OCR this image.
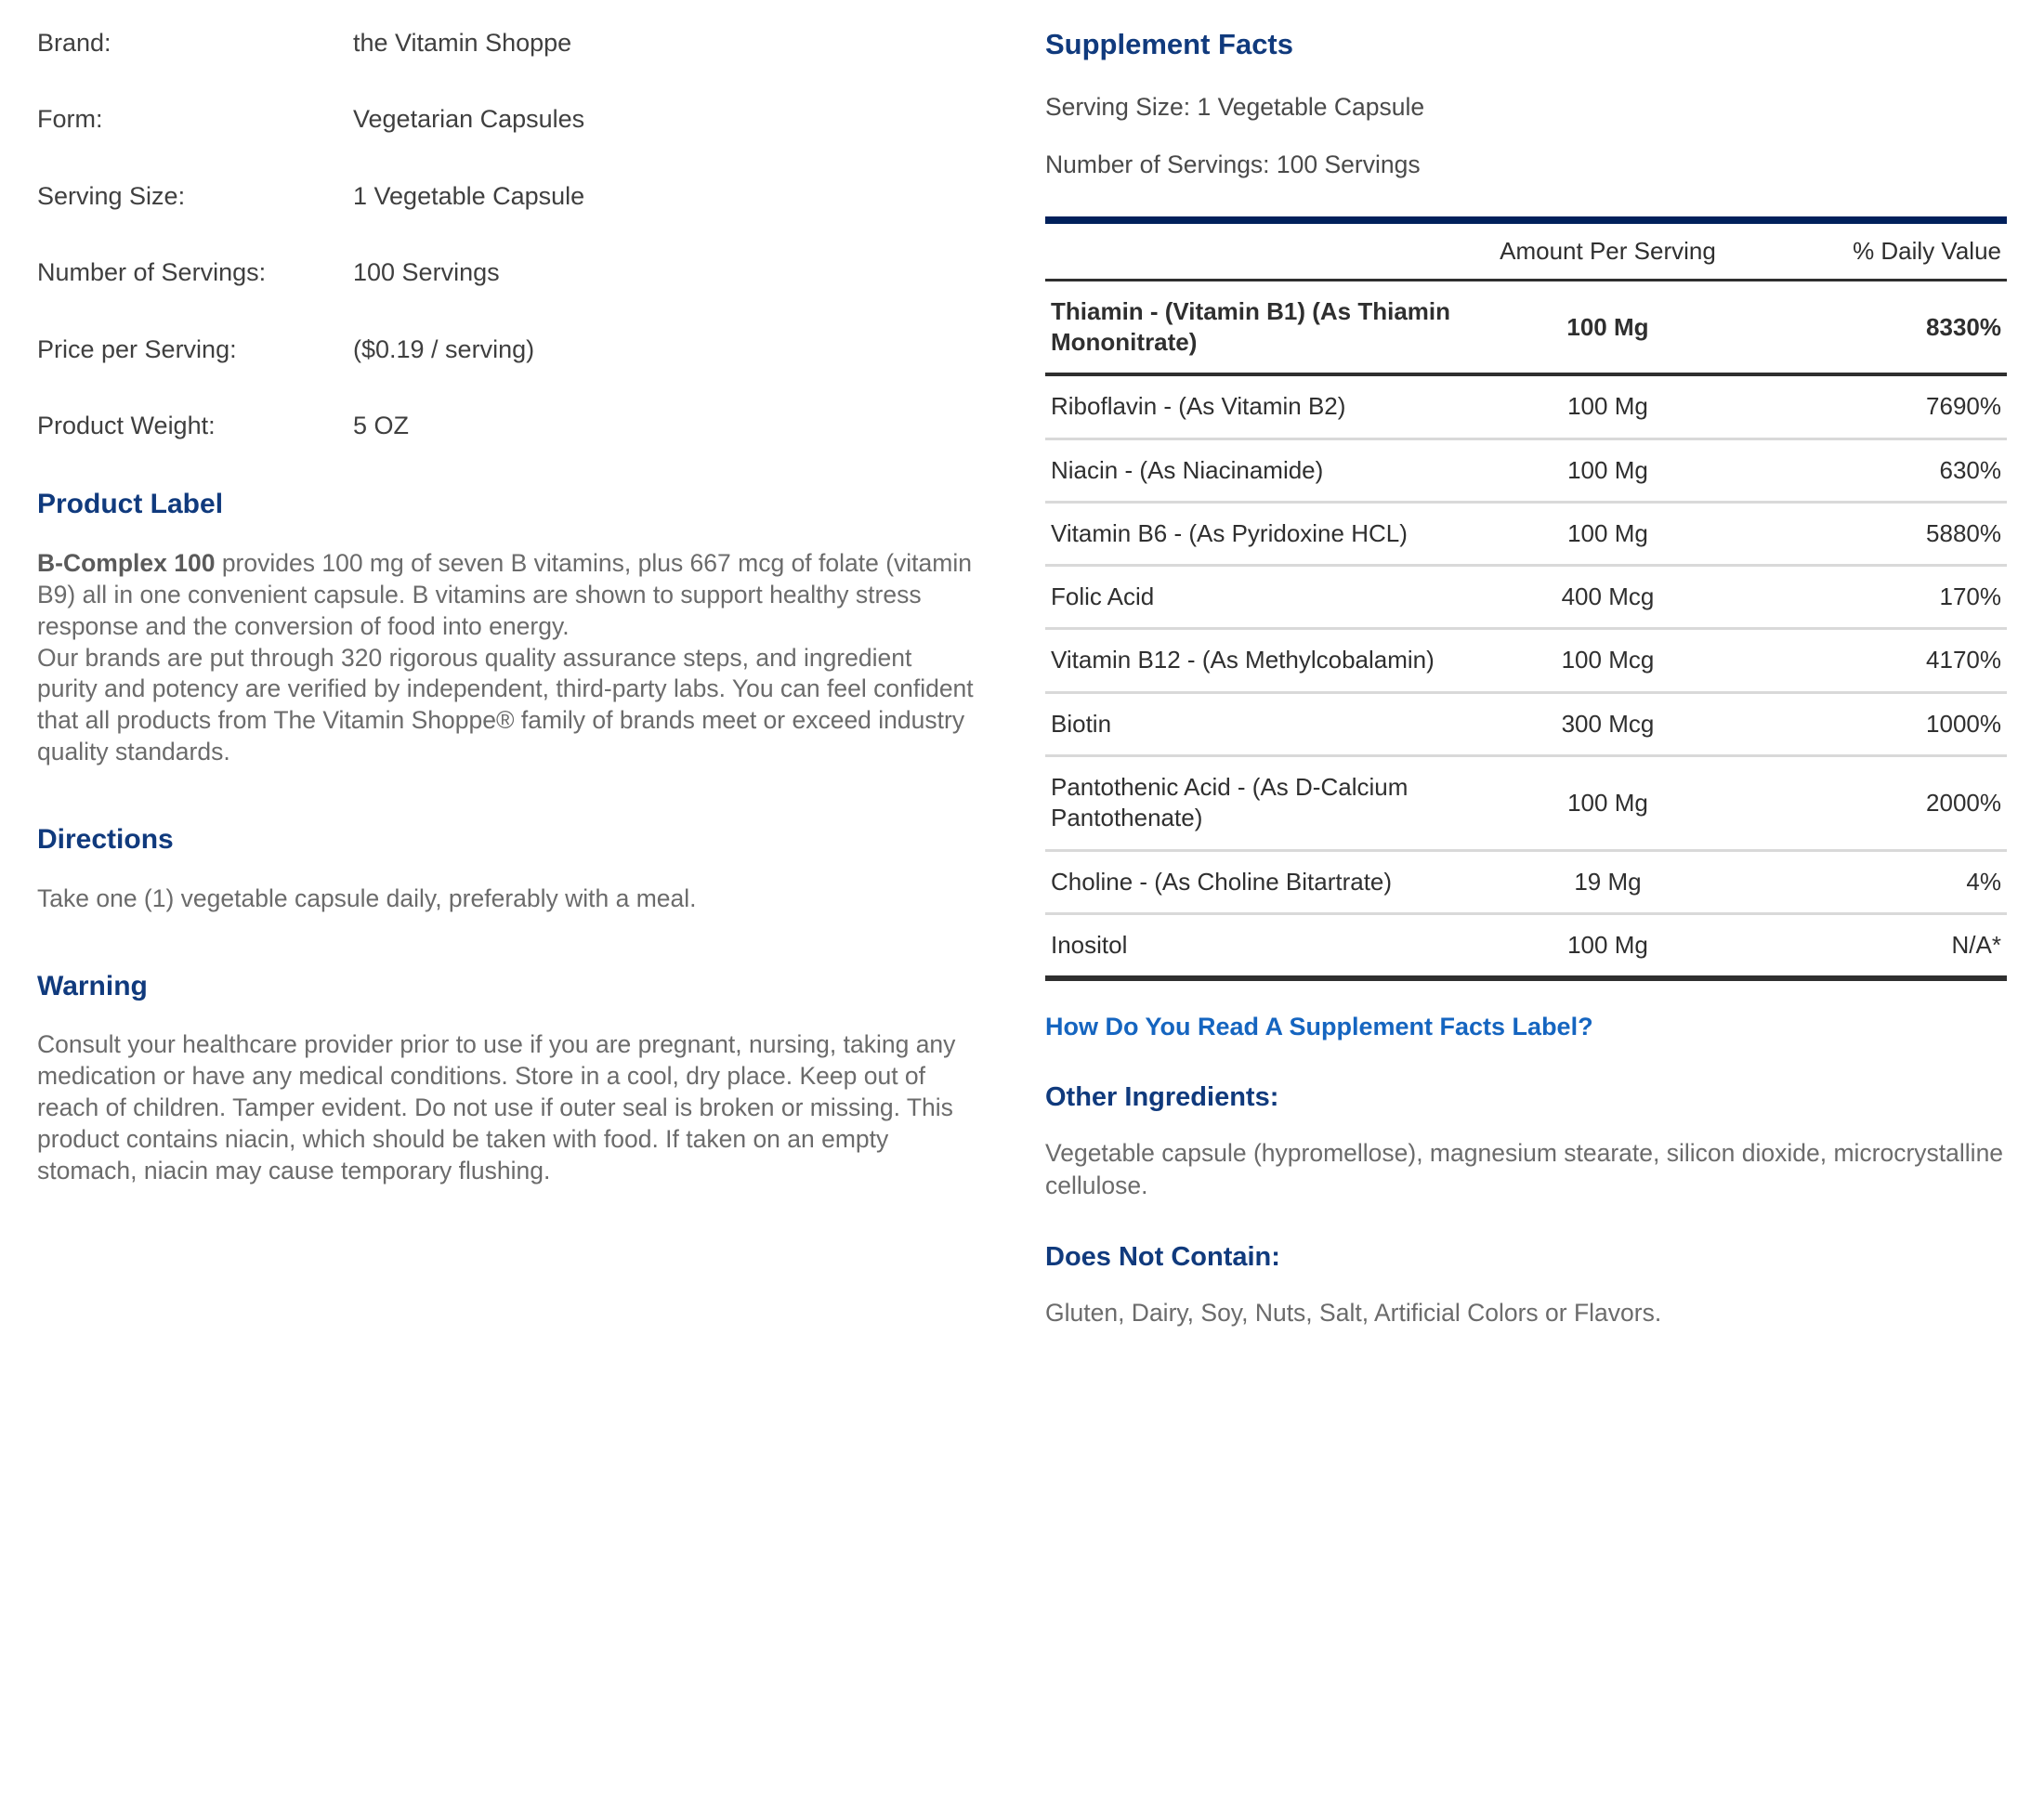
Brand:	the Vitamin Shoppe
Form:	Vegetarian Capsules
Serving Size:	1 Vegetable Capsule
Number of Servings:	100 Servings
Price per Serving:	($0.19 / serving)
Product Weight:	5 OZ
Product Label

B-Complex 100 provides 100 mg of seven B vitamins, plus 667 mcg of folate (vitamin B9) all in one convenient capsule. B vitamins are shown to support healthy stress response and the conversion of food into energy.

Our brands are put through 320 rigorous quality assurance steps, and ingredient purity and potency are verified by independent, third-party labs. You can feel confident that all products from The Vitamin Shoppe® family of brands meet or exceed industry quality standards.

Directions

Take one (1) vegetable capsule daily, preferably with a meal.

Warning

Consult your healthcare provider prior to use if you are pregnant, nursing, taking any medication or have any medical conditions. Store in a cool, dry place. Keep out of reach of children. Tamper evident. Do not use if outer seal is broken or missing. This product contains niacin, which should be taken with food. If taken on an empty stomach, niacin may cause temporary flushing.

Supplement Facts

Serving Size: 1 Vegetable Capsule

Number of Servings: 100 Servings

	Amount Per Serving	% Daily Value
Thiamin - (Vitamin B1) (As Thiamin Mononitrate)	100 Mg	8330%
Riboflavin - (As Vitamin B2)	100 Mg	7690%
Niacin - (As Niacinamide)	100 Mg	630%
Vitamin B6 - (As Pyridoxine HCL)	100 Mg	5880%
Folic Acid	400 Mcg	170%
Vitamin B12 - (As Methylcobalamin)	100 Mcg	4170%
Biotin	300 Mcg	1000%
Pantothenic Acid - (As D-Calcium Pantothenate)	100 Mg	2000%
Choline - (As Choline Bitartrate)	19 Mg	4%
Inositol	100 Mg	N/A*
How Do You Read A Supplement Facts Label?
Other Ingredients:

Vegetable capsule (hypromellose), magnesium stearate, silicon dioxide, microcrystalline cellulose.

Does Not Contain:

Gluten, Dairy, Soy, Nuts, Salt, Artificial Colors or Flavors.
